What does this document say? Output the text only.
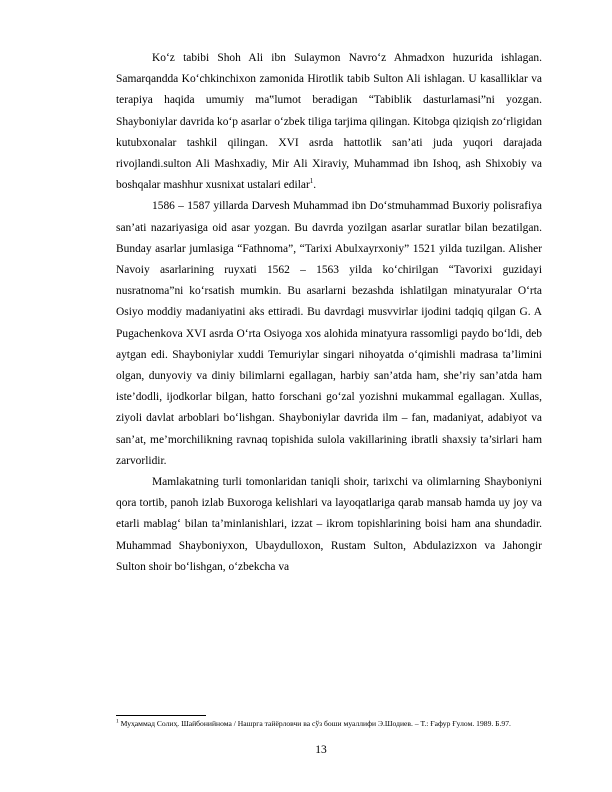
Ko‘z tabibi Shoh Ali ibn Sulaymon Navro‘z Ahmadxon huzurida ishlagan. Samarqandda Ko‘chkinchixon zamonida Hirotlik tabib Sulton Ali ishlagan. U kasalliklar va terapiya haqida umumiy ma‟lumot beradigan “Tabiblik dasturlamasi”ni yozgan. Shayboniylar davrida ko‘p asarlar o‘zbek tiliga tarjima qilingan. Kitobga qiziqish zo‘rligidan kutubxonalar tashkil qilingan. XVI asrda hattotlik san’ati juda yuqori darajada rivojlandi.sulton Ali Mashxadiy, Mir Ali Xiraviy, Muhammad ibn Ishoq, ash Shixobiy va boshqalar mashhur xusnixat ustalari edilar$^1$.

1586 – 1587 yillarda Darvesh Muhammad ibn Do‘stmuhammad Buxoriy polisrafiya san’ati nazariyasiga oid asar yozgan. Bu davrda yozilgan asarlar suratlar bilan bezatilgan. Bunday asarlar jumlasiga “Fathnoma”, “Tarixi Abulxayrxoniy” 1521 yilda tuzilgan. Alisher Navoiy asarlarining ruyxati 1562 – 1563 yilda ko‘chirilgan “Tavorixi guzidayi nusratnoma”ni ko‘rsatish mumkin. Bu asarlarni bezashda ishlatilgan minatyuralar O‘rta Osiyo moddiy madaniyatini aks ettiradi. Bu davrdagi musvvirlar ijodini tadqiq qilgan G. A Pugachenkova XVI asrda O‘rta Osiyoga xos alohida minatyura rassomligi paydo bo‘ldi, deb aytgan edi. Shayboniylar xuddi Temuriylar singari nihoyatda o‘qimishli madrasa ta’limini olgan, dunyoviy va diniy bilimlarni egallagan, harbiy san’atda ham, she’riy san’atda ham iste’dodli, ijodkorlar bilgan, hatto forschani go‘zal yozishni mukammal egallagan. Xullas, ziyoli davlat arboblari bo‘lishgan. Shayboniylar davrida ilm – fan, madaniyat, adabiyot va san’at, me’morchilikning ravnaq topishida sulola vakillarining ibratli shaxsiy ta’sirlari ham zarvorlidir.

Mamlakatning turli tomonlaridan taniqli shoir, tarixchi va olimlarning Shayboniyni qora tortib, panoh izlab Buxoroga kelishlari va layoqatlariga qarab mansab hamda uy joy va etarli mablag‘ bilan ta’minlanishlari, izzat – ikrom topishlarining boisi ham ana shundadir. Muhammad Shayboniyxon, Ubaydulloxon, Rustam Sulton, Abdulazizxon va Jahongir Sulton shoir bo‘lishgan, o‘zbekcha va

$^1$ Муҳаммад Солиҳ. Шайбонийнома / Нашрга тайёрловчи ва сўз боши муаллифи Э.Шодиев. – Т.: Ғафур Ғулом. 1989. Б.97.
13
